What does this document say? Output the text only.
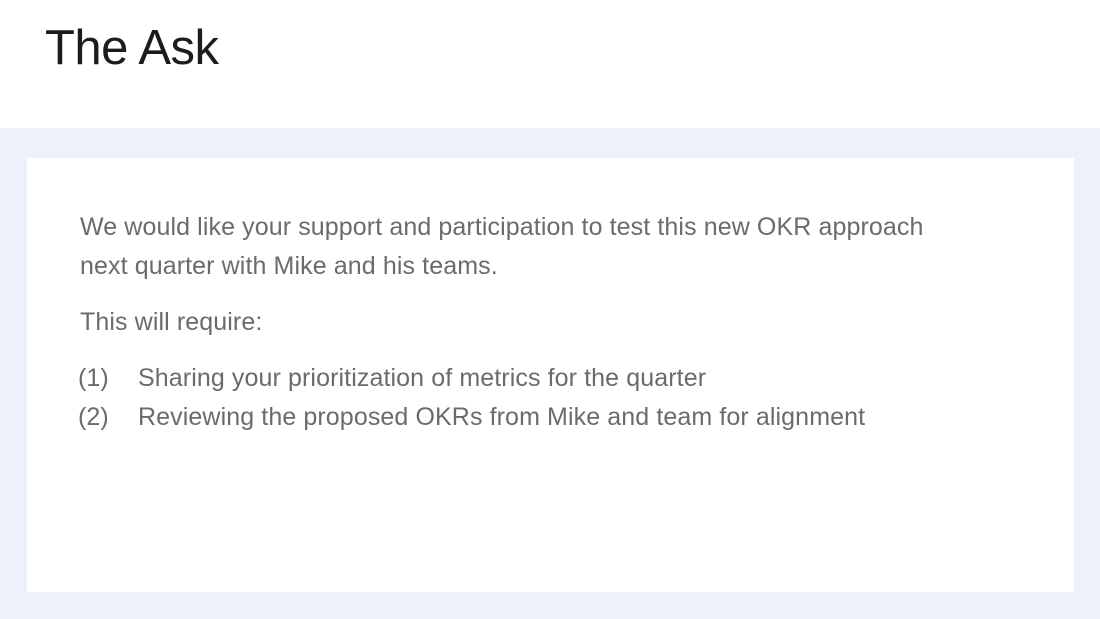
The Ask
We would like your support and participation to test this new OKR approach
next quarter with Mike and his teams.
This will require:
(1)	Sharing your prioritization of metrics for the quarter
(2)	Reviewing the proposed OKRs from Mike and team for alignment
